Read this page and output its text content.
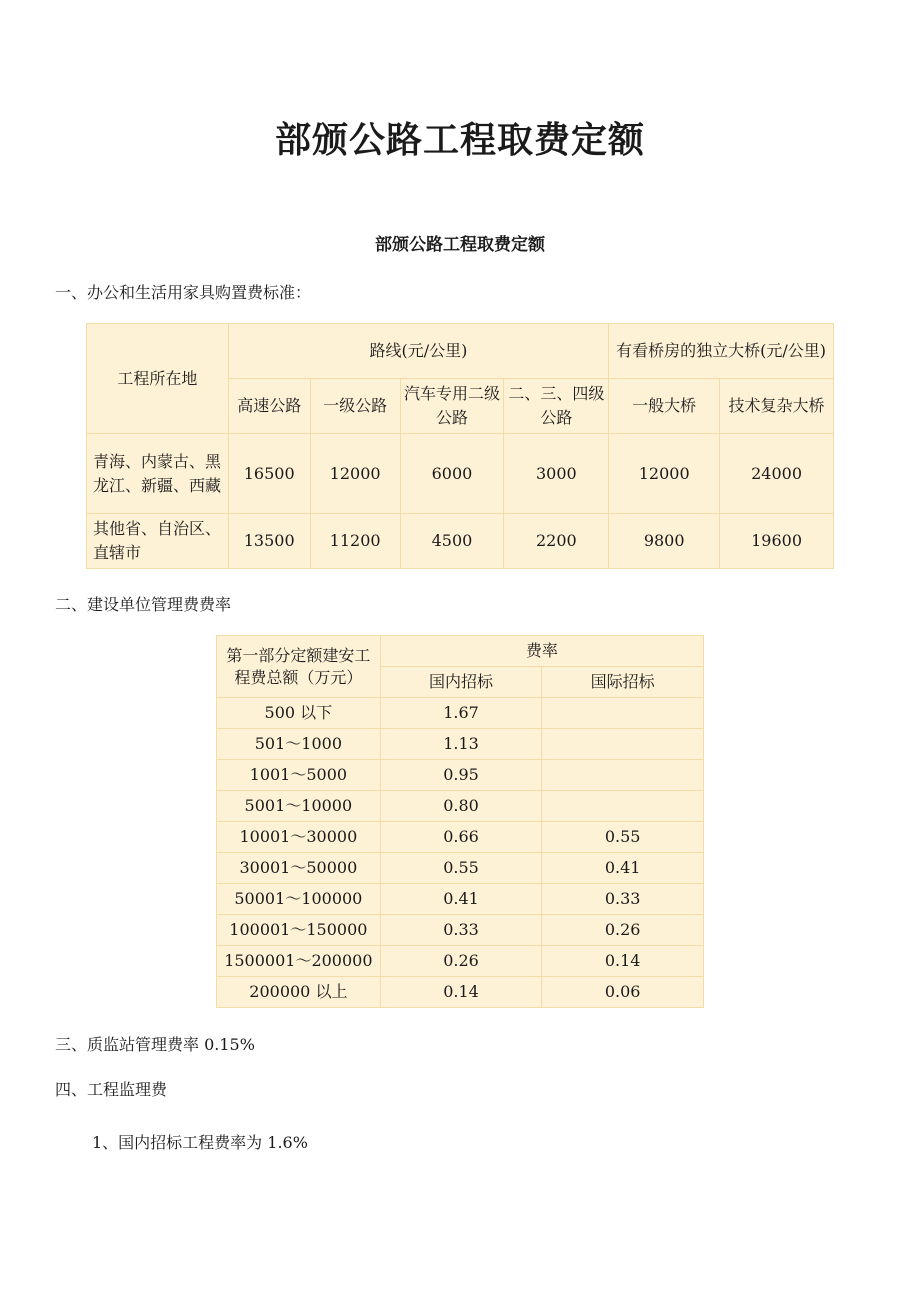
部颁公路工程取费定额
部颁公路工程取费定额

一、办公和生活用家具购置费标准：

工程所在地	路线(元/公里)				有看桥房的独立大桥(元/公里)	
	高速公路	一级公路	汽车专用二级公路	二、三、四级公路	一般大桥	技术复杂大桥
青海、内蒙古、黑龙江、新疆、西藏	16500	12000	6000	3000	12000	24000
其他省、自治区、直辖市	13500	11200	4500	2200	9800	19600

二、建设单位管理费费率

第一部分定额建安工程费总额（万元）	费率	
	国内招标	国际招标
500 以下	1.67	
501～1000	1.13	
1001～5000	0.95	
5001～10000	0.80	
10001～30000	0.66	0.55
30001～50000	0.55	0.41
50001～100000	0.41	0.33
100001～150000	0.33	0.26
1500001～200000	0.26	0.14
200000 以上	0.14	0.06

三、质监站管理费率 0.15%

四、工程监理费

1、国内招标工程费率为 1.6%
